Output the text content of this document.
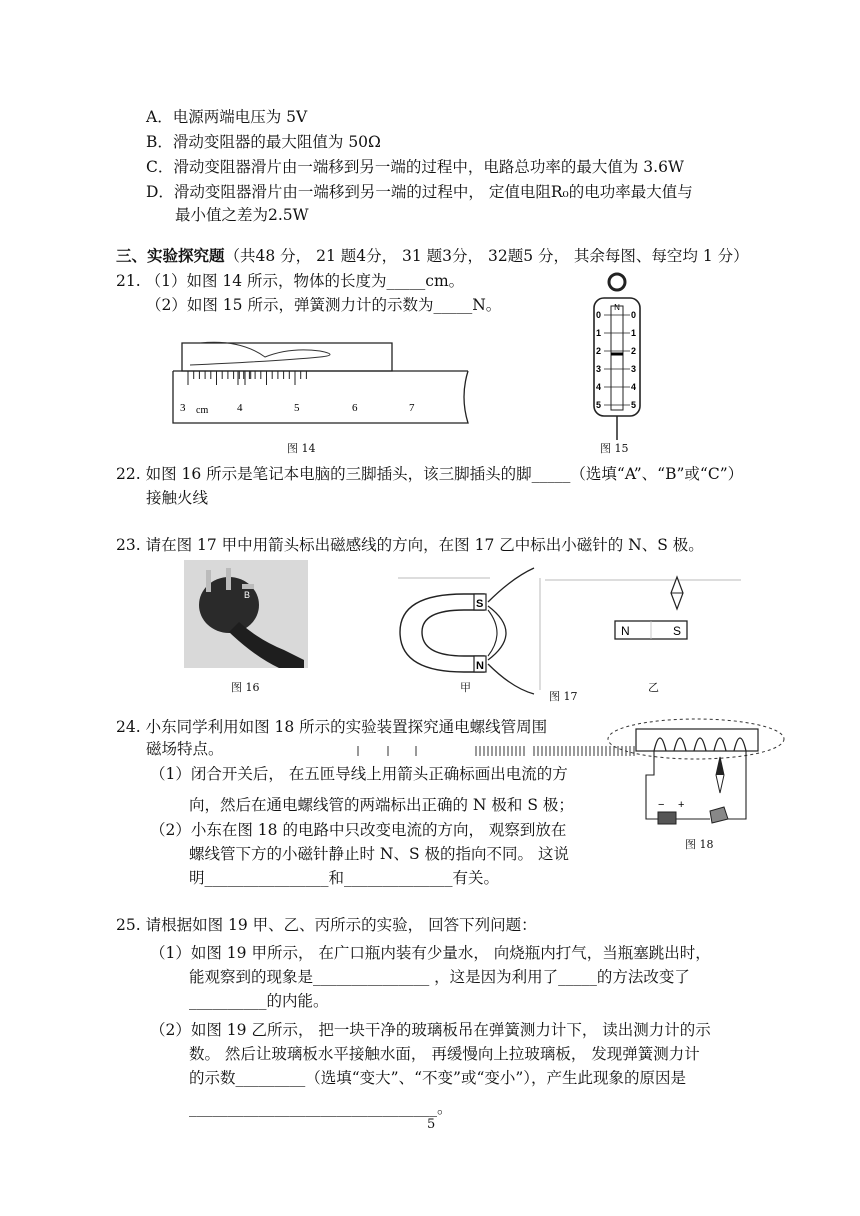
A．电源两端电压为 5V
B．滑动变阻器的最大阻值为 50Ω
C．滑动变阻器滑片由一端移到另一端的过程中，电路总功率的最大值为 3.6W
D．滑动变阻器滑片由一端移到另一端的过程中， 定值电阻R₀的电功率最大值与
最小值之差为2.5W
三、实验探究题（共48 分， 21 题4分， 31 题3分， 32题5 分， 其余每图、每空均 1 分）
21. （1）如图 14 所示，物体的长度为_____cm。
（2）如图 15 所示，弹簧测力计的示数为_____N。
3 cm	4	5	6	7
图 14
N
0	0
1	1
2	2
3	3
4	4
5	5
图 15
22. 如图 16 所示是笔记本电脑的三脚插头，该三脚插头的脚_____（选填“A”、“B”或“C”）
接触火线
23. 请在图 17 甲中用箭头标出磁感线的方向，在图 17 乙中标出小磁针的 N、S 极。
B
图 16
S
N
甲
图 17
N	S
乙
24. 小东同学利用如图 18 所示的实验装置探究通电螺线管周围
磁场特点。
（1）闭合开关后， 在五匝导线上用箭头正确标画出电流的方
向，然后在通电螺线管的两端标出正确的 N 极和 S 极；
（2）小东在图 18 的电路中只改变电流的方向， 观察到放在
螺线管下方的小磁针静止时 N、S 极的指向不同。 这说
明________________和______________有关。
− +
图 18
25. 请根据如图 19 甲、乙、丙所示的实验， 回答下列问题：
（1）如图 19 甲所示， 在广口瓶内装有少量水， 向烧瓶内打气，当瓶塞跳出时，
能观察到的现象是_______________ ，这是因为利用了_____的方法改变了
__________的内能。
（2）如图 19 乙所示， 把一块干净的玻璃板吊在弹簧测力计下， 读出测力计的示
数。 然后让玻璃板水平接触水面， 再缓慢向上拉玻璃板， 发现弹簧测力计
的示数_________（选填“变大”、“不变”或“变小”），产生此现象的原因是
________________________________。
5
